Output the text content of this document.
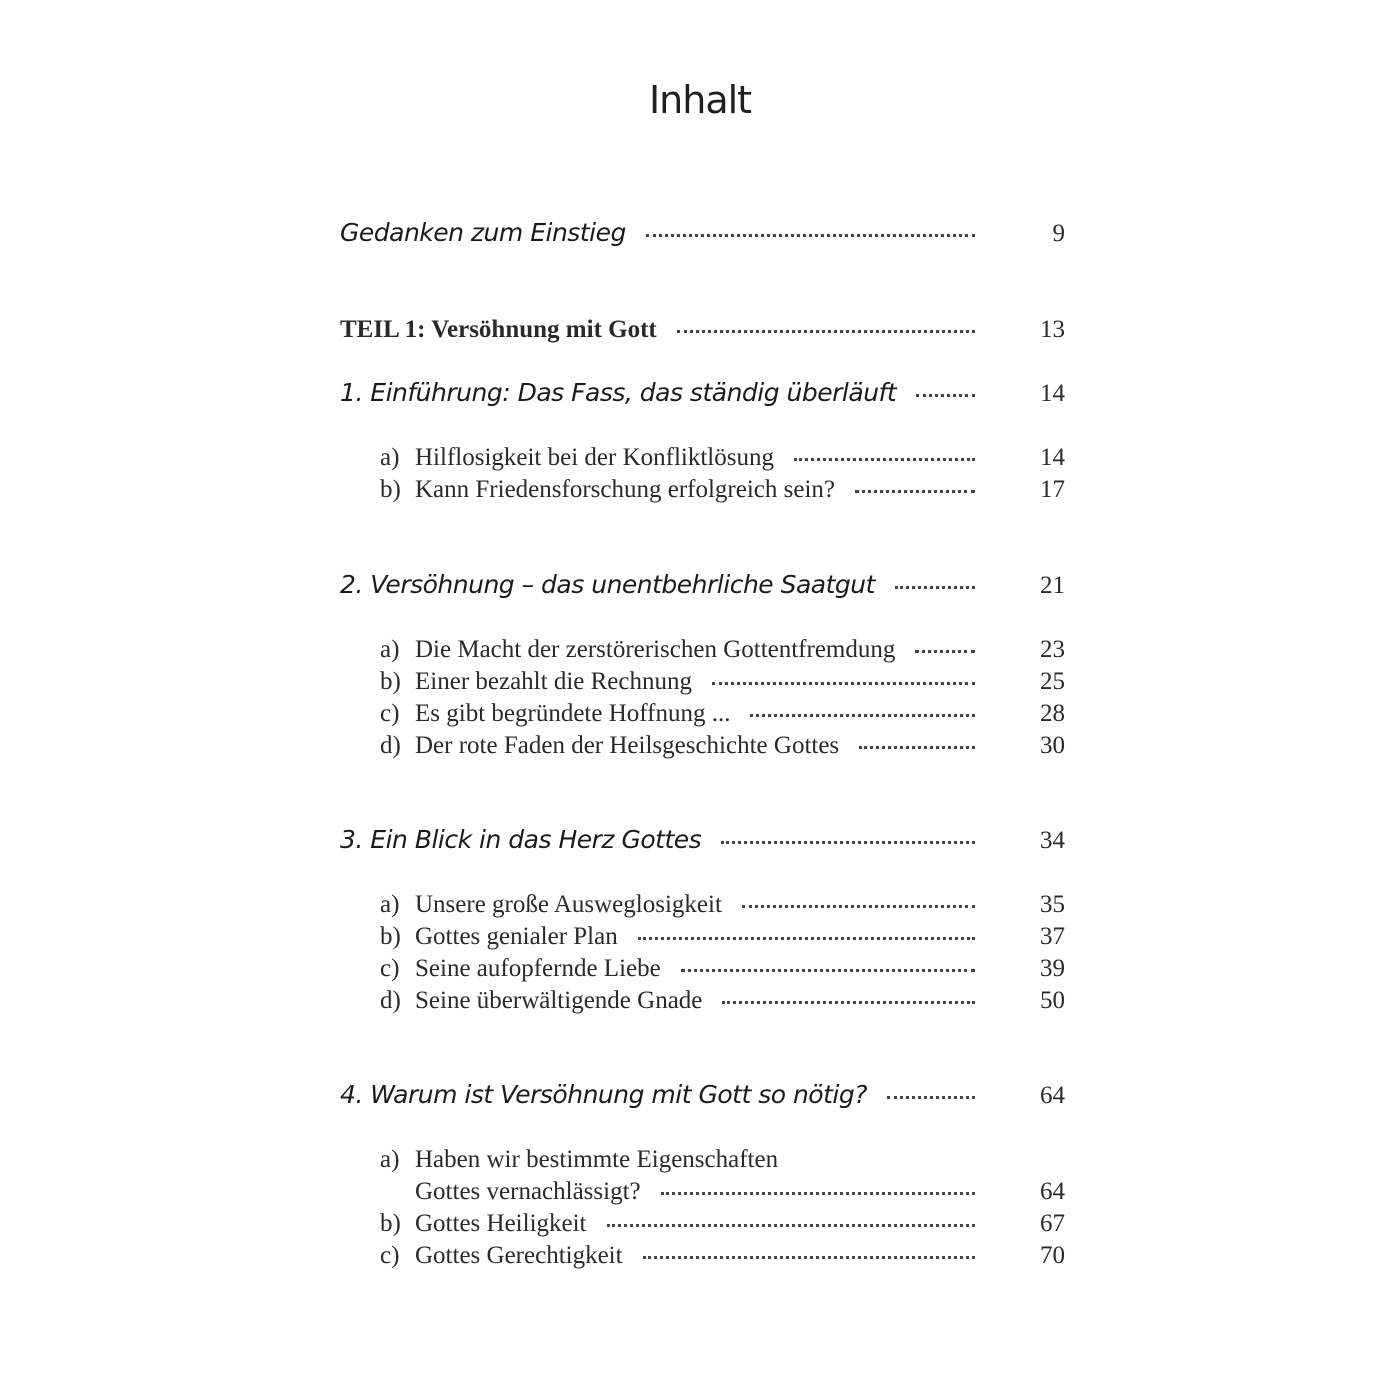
Inhalt
Gedanken zum Einstieg	9
TEIL 1: Versöhnung mit Gott	13
1. Einführung: Das Fass, das ständig überläuft	14
a) Hilflosigkeit bei der Konfliktlösung	14
b) Kann Friedensforschung erfolgreich sein?	17
2. Versöhnung – das unentbehrliche Saatgut	21
a) Die Macht der zerstörerischen Gottentfremdung	23
b) Einer bezahlt die Rechnung	25
c) Es gibt begründete Hoffnung ...	28
d) Der rote Faden der Heilsgeschichte Gottes	30
3. Ein Blick in das Herz Gottes	34
a) Unsere große Ausweglosigkeit	35
b) Gottes genialer Plan	37
c) Seine aufopfernde Liebe	39
d) Seine überwältigende Gnade	50
4. Warum ist Versöhnung mit Gott so nötig?	64
a) Haben wir bestimmte Eigenschaften
Gottes vernachlässigt?	64
b) Gottes Heiligkeit	67
c) Gottes Gerechtigkeit	70
